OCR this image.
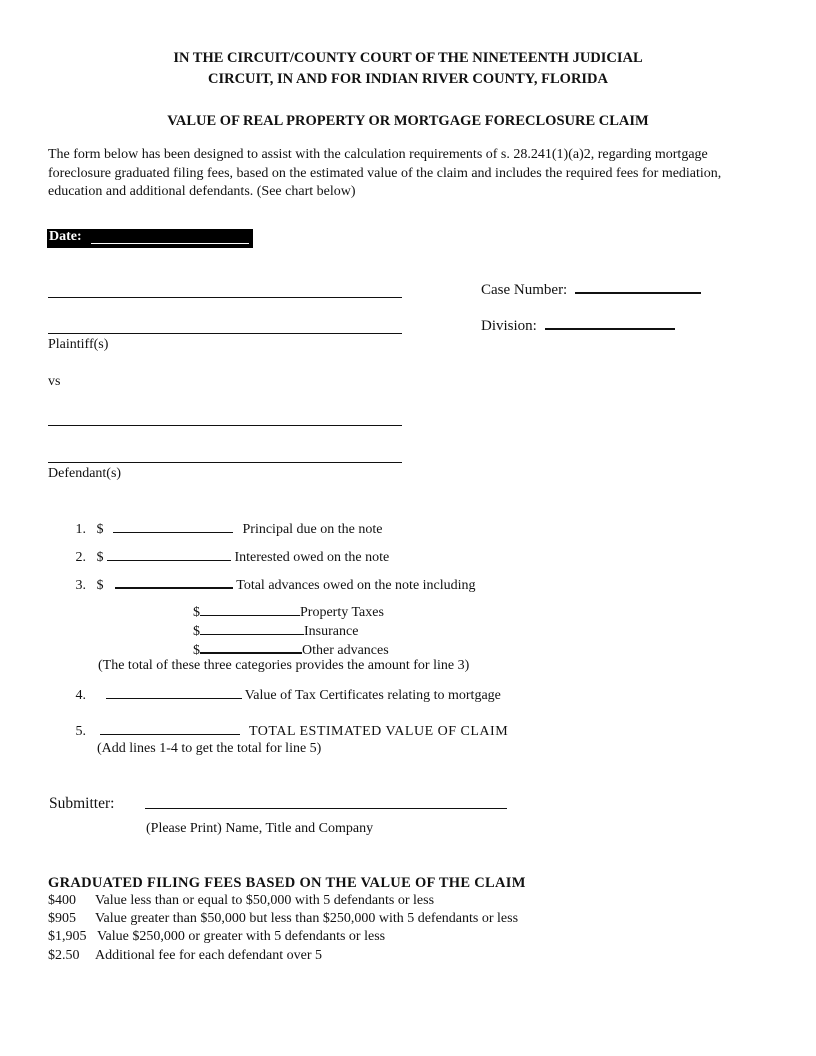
IN THE CIRCUIT/COUNTY COURT OF THE NINETEENTH JUDICIAL
CIRCUIT, IN AND FOR INDIAN RIVER COUNTY, FLORIDA
VALUE OF REAL PROPERTY OR MORTGAGE FORECLOSURE CLAIM
The form below has been designed to assist with the calculation requirements of s. 28.241(1)(a)2, regarding mortgage foreclosure graduated filing fees, based on the estimated value of the claim and includes the required fees for mediation, education and additional defendants. (See chart below)
Date:
Case Number:
Division:
Plaintiff(s)
vs
Defendant(s)
1. $	Principal due on the note
2. $	Interested owed on the note
3. $	Total advances owed on the note including
$	Property Taxes
$	Insurance
$	Other advances
(The total of these three categories provides the amount for line 3)
4.	Value of Tax Certificates relating to mortgage
5.	TOTAL ESTIMATED VALUE OF CLAIM
(Add lines 1-4 to get the total for line 5)
Submitter:
(Please Print) Name, Title and Company
GRADUATED FILING FEES BASED ON THE VALUE OF THE CLAIM
$400 Value less than or equal to $50,000 with 5 defendants or less
$905 Value greater than $50,000 but less than $250,000 with 5 defendants or less
$1,905 Value $250,000 or greater with 5 defendants or less
$2.50 Additional fee for each defendant over 5
